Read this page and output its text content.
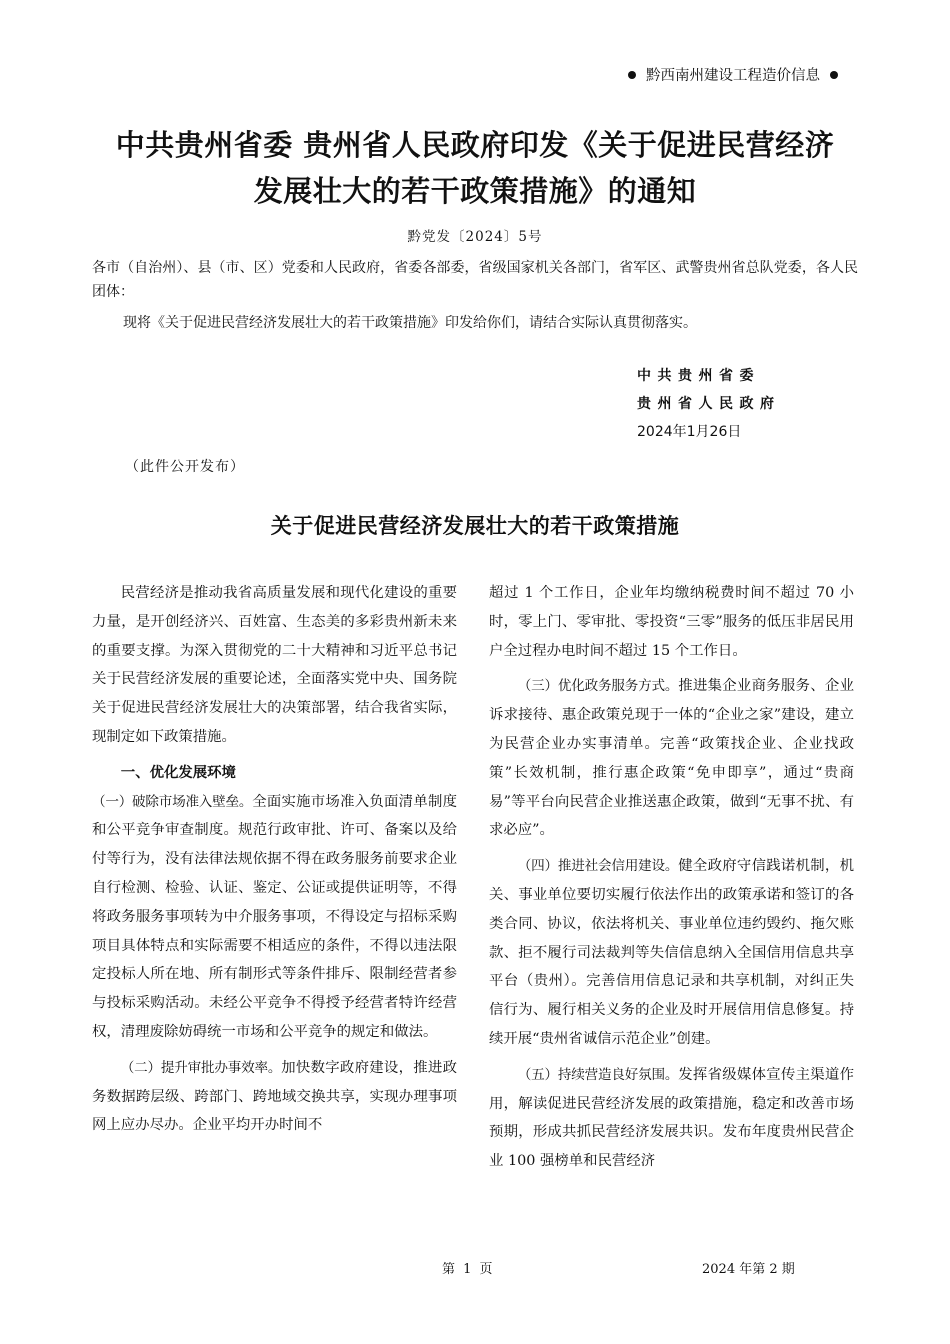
黔西南州建设工程造价信息
中共贵州省委 贵州省人民政府印发《关于促进民营经济
发展壮大的若干政策措施》的通知
黔党发〔2024〕5号
各市（自治州）、县（市、区）党委和人民政府，省委各部委，省级国家机关各部门，省军区、武警贵州省总队党委，各人民团体：
现将《关于促进民营经济发展壮大的若干政策措施》印发给你们，请结合实际认真贯彻落实。
中共贵州省委
贵州省人民政府
2024年1月26日
（此件公开发布）
关于促进民营经济发展壮大的若干政策措施

民营经济是推动我省高质量发展和现代化建设的重要力量，是开创经济兴、百姓富、生态美的多彩贵州新未来的重要支撑。为深入贯彻党的二十大精神和习近平总书记关于民营经济发展的重要论述，全面落实党中央、国务院关于促进民营经济发展壮大的决策部署，结合我省实际，现制定如下政策措施。

一、优化发展环境

（一）破除市场准入壁垒。全面实施市场准入负面清单制度和公平竞争审查制度。规范行政审批、许可、备案以及给付等行为，没有法律法规依据不得在政务服务前要求企业自行检测、检验、认证、鉴定、公证或提供证明等，不得将政务服务事项转为中介服务事项，不得设定与招标采购项目具体特点和实际需要不相适应的条件，不得以违法限定投标人所在地、所有制形式等条件排斥、限制经营者参与投标采购活动。未经公平竞争不得授予经营者特许经营权，清理废除妨碍统一市场和公平竞争的规定和做法。

（二）提升审批办事效率。加快数字政府建设，推进政务数据跨层级、跨部门、跨地域交换共享，实现办理事项网上应办尽办。企业平均开办时间不

超过 1 个工作日，企业年均缴纳税费时间不超过 70 小时，零上门、零审批、零投资“三零”服务的低压非居民用户全过程办电时间不超过 15 个工作日。

（三）优化政务服务方式。推进集企业商务服务、企业诉求接待、惠企政策兑现于一体的“企业之家”建设，建立为民营企业办实事清单。完善“政策找企业、企业找政策”长效机制，推行惠企政策“免申即享”，通过“贵商易”等平台向民营企业推送惠企政策，做到“无事不扰、有求必应”。

（四）推进社会信用建设。健全政府守信践诺机制，机关、事业单位要切实履行依法作出的政策承诺和签订的各类合同、协议，依法将机关、事业单位违约毁约、拖欠账款、拒不履行司法裁判等失信信息纳入全国信用信息共享平台（贵州）。完善信用信息记录和共享机制，对纠正失信行为、履行相关义务的企业及时开展信用信息修复。持续开展“贵州省诚信示范企业”创建。

（五）持续营造良好氛围。发挥省级媒体宣传主渠道作用，解读促进民营经济发展的政策措施，稳定和改善市场预期，形成共抓民营经济发展共识。发布年度贵州民营企业 100 强榜单和民营经济

第 1 页	2024 年第 2 期
